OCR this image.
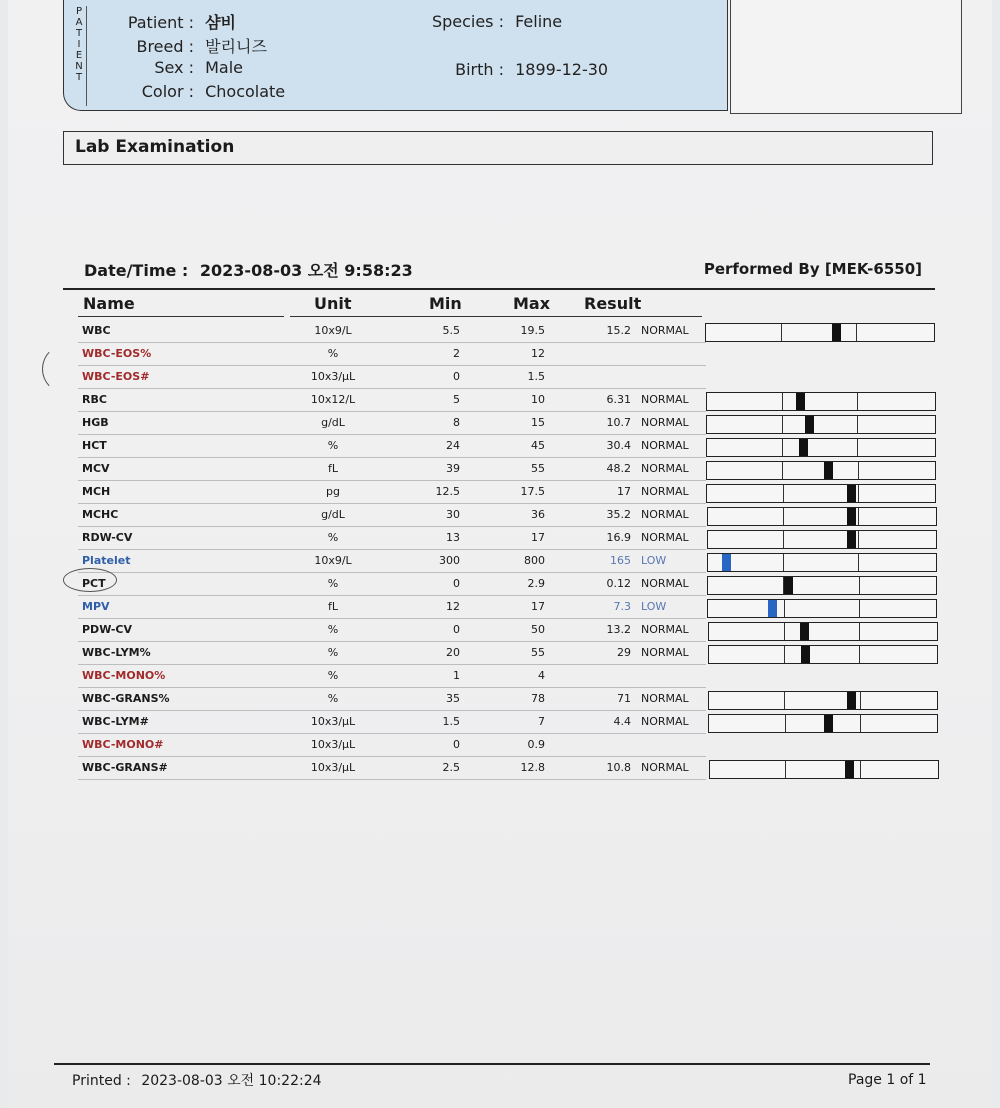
P
A
T
I
E
N
T
Patient : 샴비
Breed : 발리니즈
Sex : Male
Color : Chocolate
Species : Feline
Birth : 1899-12-30
Lab Examination
Date/Time : 2023-08-03 오전 9:58:23	Performed By [MEK-6550]
Name	Unit	Min	Max Result
WBC	10x9/L	5.5	19.5	15.2 NORMAL
WBC-EOS%	%	2	12
WBC-EOS#	10x3/μL	0	1.5
RBC	10x12/L	5	10	6.31 NORMAL
HGB	g/dL	8	15	10.7 NORMAL
HCT	%	24	45	30.4 NORMAL
MCV	fL	39	55	48.2 NORMAL
MCH	pg	12.5	17.5	17 NORMAL
MCHC	g/dL	30	36	35.2 NORMAL
RDW-CV	%	13	17	16.9 NORMAL
Platelet	10x9/L	300	800	165 LOW
PCT	%	0	2.9	0.12 NORMAL
MPV	fL	12	17	7.3 LOW
PDW-CV	%	0	50	13.2 NORMAL
WBC-LYM%	%	20	55	29 NORMAL
WBC-MONO%	%	1	4
WBC-GRANS%	%	35	78	71 NORMAL
WBC-LYM#	10x3/μL	1.5	7	4.4 NORMAL
WBC-MONO#	10x3/μL	0	0.9
WBC-GRANS#	10x3/μL	2.5	12.8	10.8 NORMAL
Printed : 2023-08-03 오전 10:22:24	Page 1 of 1
